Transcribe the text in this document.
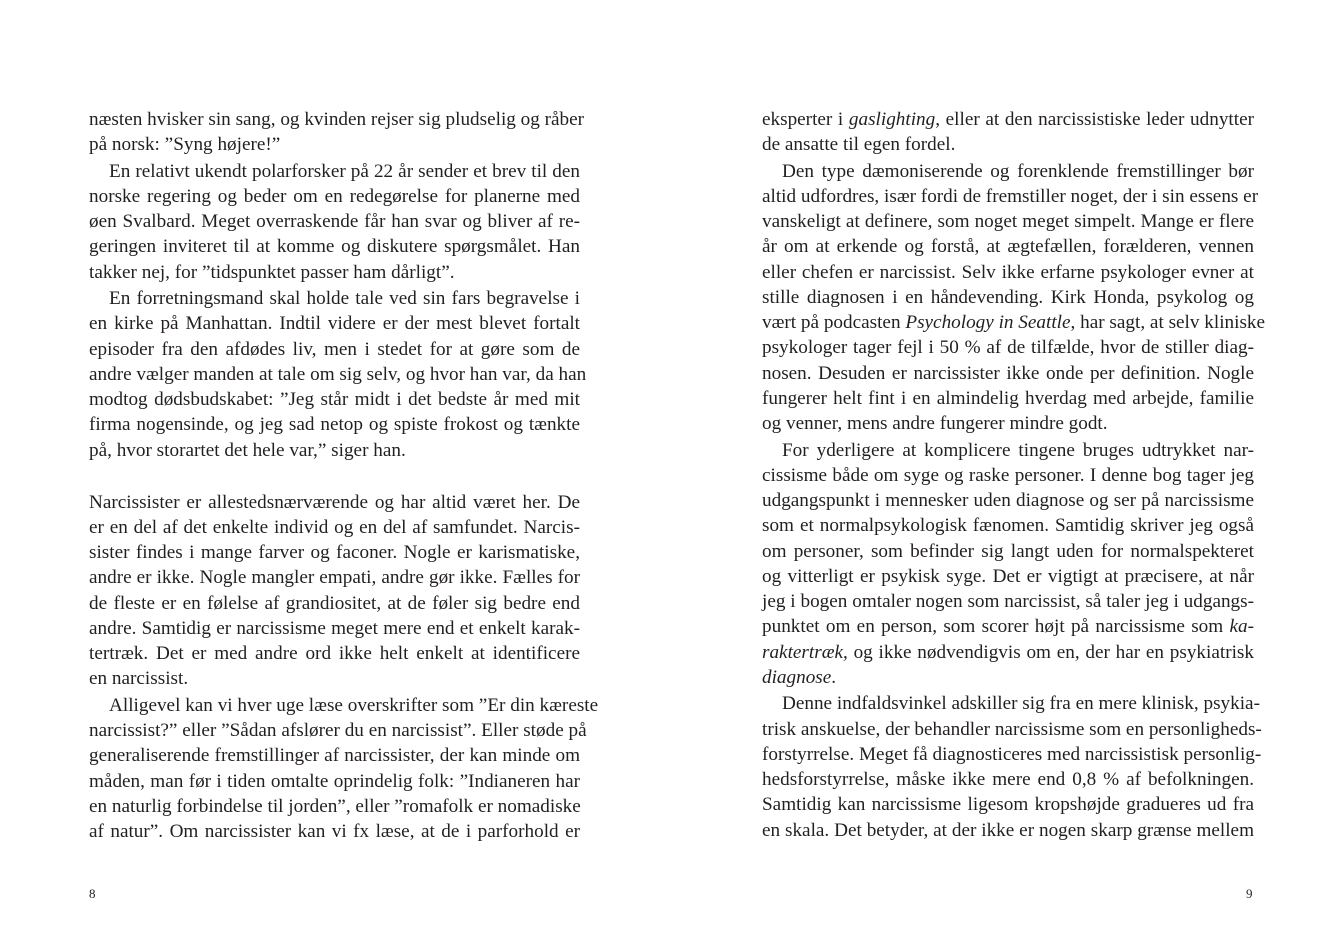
næsten hvisker sin sang, og kvinden rejser sig pludselig og råber
på norsk: ”Syng højere!”
En relativt ukendt polarforsker på 22 år sender et brev til den
norske regering og beder om en redegørelse for planerne med
øen Svalbard. Meget overraskende får han svar og bliver af re-
geringen inviteret til at komme og diskutere spørgsmålet. Han
takker nej, for ”tidspunktet passer ham dårligt”.
En forretningsmand skal holde tale ved sin fars begravelse i
en kirke på Manhattan. Indtil videre er der mest blevet fortalt
episoder fra den afdødes liv, men i stedet for at gøre som de
andre vælger manden at tale om sig selv, og hvor han var, da han
modtog dødsbudskabet: ”Jeg står midt i det bedste år med mit
firma nogensinde, og jeg sad netop og spiste frokost og tænkte
på, hvor storartet det hele var,” siger han.
Narcissister er allestedsnærværende og har altid været her. De
er en del af det enkelte individ og en del af samfundet. Narcis-
sister findes i mange farver og faconer. Nogle er karismatiske,
andre er ikke. Nogle mangler empati, andre gør ikke. Fælles for
de fleste er en følelse af grandiositet, at de føler sig bedre end
andre. Samtidig er narcissisme meget mere end et enkelt karak-
tertræk. Det er med andre ord ikke helt enkelt at identificere
en narcissist.
Alligevel kan vi hver uge læse overskrifter som ”Er din kæreste
narcissist?” eller ”Sådan afslører du en narcissist”. Eller støde på
generaliserende fremstillinger af narcissister, der kan minde om
måden, man før i tiden omtalte oprindelig folk: ”Indianeren har
en naturlig forbindelse til jorden”, eller ”romafolk er nomadiske
af natur”. Om narcissister kan vi fx læse, at de i parforhold er
8
eksperter i gaslighting, eller at den narcissistiske leder udnytter
de ansatte til egen fordel.
Den type dæmoniserende og forenklende fremstillinger bør
altid udfordres, især fordi de fremstiller noget, der i sin essens er
vanskeligt at definere, som noget meget simpelt. Mange er flere
år om at erkende og forstå, at ægtefællen, forælderen, vennen
eller chefen er narcissist. Selv ikke erfarne psykologer evner at
stille diagnosen i en håndevending. Kirk Honda, psykolog og
vært på podcasten Psychology in Seattle, har sagt, at selv kliniske
psykologer tager fejl i 50 % af de tilfælde, hvor de stiller diag-
nosen. Desuden er narcissister ikke onde per definition. Nogle
fungerer helt fint i en almindelig hverdag med arbejde, familie
og venner, mens andre fungerer mindre godt.
For yderligere at komplicere tingene bruges udtrykket nar-
cissisme både om syge og raske personer. I denne bog tager jeg
udgangspunkt i mennesker uden diagnose og ser på narcissisme
som et normalpsykologisk fænomen. Samtidig skriver jeg også
om personer, som befinder sig langt uden for normalspekteret
og vitterligt er psykisk syge. Det er vigtigt at præcisere, at når
jeg i bogen omtaler nogen som narcissist, så taler jeg i udgangs-
punktet om en person, som scorer højt på narcissisme som ka-
raktertræk, og ikke nødvendigvis om en, der har en psykiatrisk
diagnose.
Denne indfaldsvinkel adskiller sig fra en mere klinisk, psykia-
trisk anskuelse, der behandler narcissisme som en personligheds-
forstyrrelse. Meget få diagnosticeres med narcissistisk personlig-
hedsforstyrrelse, måske ikke mere end 0,8 % af befolkningen.
Samtidig kan narcissisme ligesom kropshøjde gradueres ud fra
en skala. Det betyder, at der ikke er nogen skarp grænse mellem
9
